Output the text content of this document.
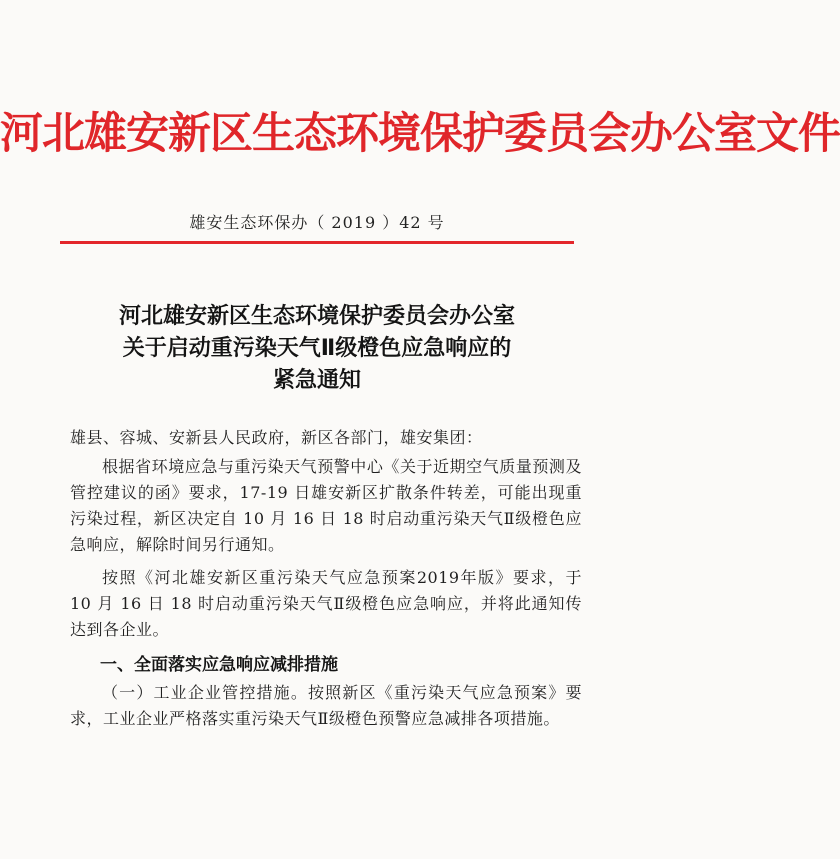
河北雄安新区生态环境保护委员会办公室文件
雄安生态环保办（ 2019 ）42 号
河北雄安新区生态环境保护委员会办公室
关于启动重污染天气Ⅱ级橙色应急响应的
紧急通知
雄县、容城、安新县人民政府，新区各部门，雄安集团：
根据省环境应急与重污染天气预警中心《关于近期空气质量预测及管控建议的函》要求，17-19 日雄安新区扩散条件转差，可能出现重污染过程，新区决定自 10 月 16 日 18 时启动重污染天气Ⅱ级橙色应急响应，解除时间另行通知。
按照《河北雄安新区重污染天气应急预案2019年版》要求，于 10 月 16 日 18 时启动重污染天气Ⅱ级橙色应急响应，并将此通知传达到各企业。
一、全面落实应急响应减排措施
（一）工业企业管控措施。按照新区《重污染天气应急预案》要求，工业企业严格落实重污染天气Ⅱ级橙色预警应急减排各项措施。
